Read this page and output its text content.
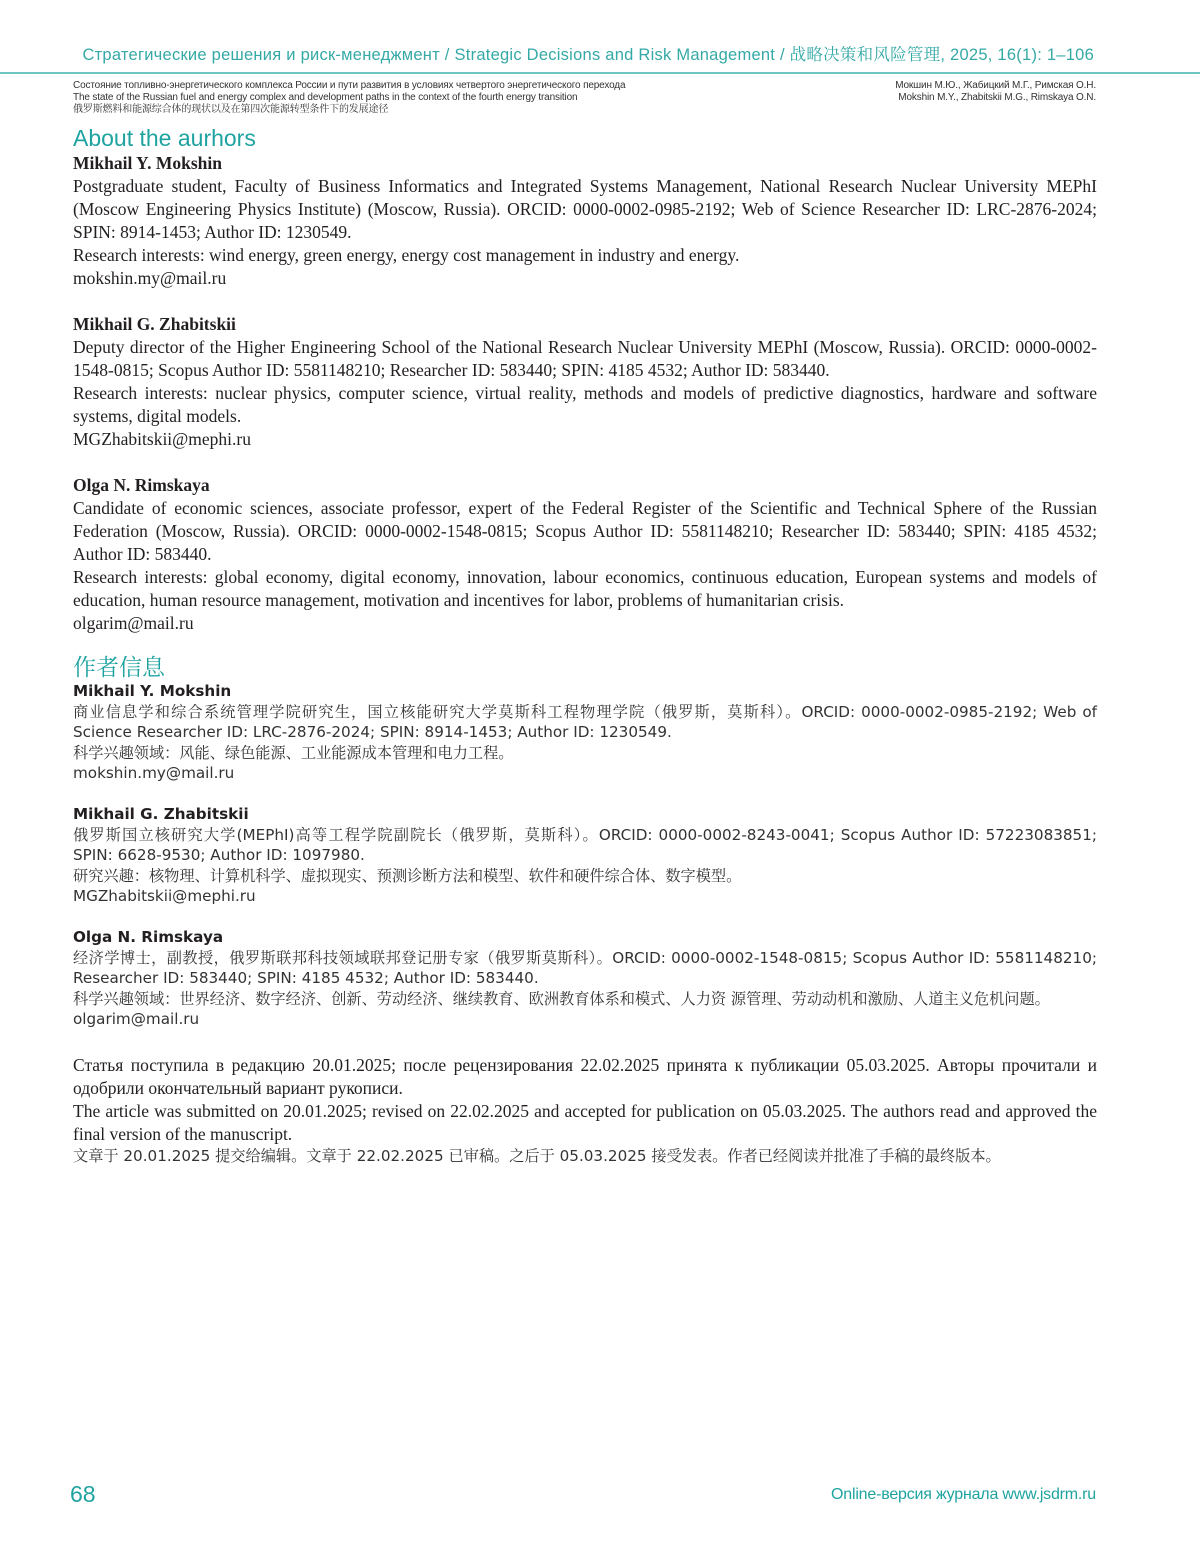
Стратегические решения и риск-менеджмент / Strategic Decisions and Risk Management / 战略决策和风险管理, 2025, 16(1): 1–106
Состояние топливно-энергетического комплекса России и пути развития в условиях четвертого энергетического перехода
The state of the Russian fuel and energy complex and development paths in the context of the fourth energy transition
俄罗斯燃料和能源综合体的现状以及在第四次能源转型条件下的发展途径
Мокшин М.Ю., Жабицкий М.Г., Римская О.Н.
Mokshin M.Y., Zhabitskii M.G., Rimskaya O.N.
About the aurhors

Mikhail Y. Mokshin

Postgraduate student, Faculty of Business Informatics and Integrated Systems Management, National Research Nuclear University MEPhI (Moscow Engineering Physics Institute) (Moscow, Russia). ORCID: 0000-0002-0985-2192; Web of Science Researcher ID: LRC-2876-2024; SPIN: 8914-1453; Author ID: 1230549.

Research interests: wind energy, green energy, energy cost management in industry and energy.

mokshin.my@mail.ru

Mikhail G. Zhabitskii

Deputy director of the Higher Engineering School of the National Research Nuclear University MEPhI (Moscow, Russia). ORCID: 0000-0002-1548-0815; Scopus Author ID: 5581148210; Researcher ID: 583440; SPIN: 4185 4532; Author ID: 583440.

Research interests: nuclear physics, computer science, virtual reality, methods and models of predictive diagnostics, hardware and software systems, digital models.

MGZhabitskii@mephi.ru

Olga N. Rimskaya

Candidate of economic sciences, associate professor, expert of the Federal Register of the Scientific and Technical Sphere of the Russian Federation (Moscow, Russia). ORCID: 0000-0002-1548-0815; Scopus Author ID: 5581148210; Researcher ID: 583440; SPIN: 4185 4532; Author ID: 583440.

Research interests: global economy, digital economy, innovation, labour economics, continuous education, European systems and models of education, human resource management, motivation and incentives for labor, problems of humanitarian crisis.

olgarim@mail.ru

作者信息

Mikhail Y. Mokshin

商业信息学和综合系统管理学院研究生，国立核能研究大学莫斯科工程物理学院（俄罗斯，莫斯科）。ORCID: 0000-0002-0985-2192; Web of Science Researcher ID: LRC-2876-2024; SPIN: 8914-1453; Author ID: 1230549.

科学兴趣领域：风能、绿色能源、工业能源成本管理和电力工程。

mokshin.my@mail.ru

Mikhail G. Zhabitskii

俄罗斯国立核研究大学(MEPhI)高等工程学院副院长（俄罗斯，莫斯科）。ORCID: 0000-0002-8243-0041; Scopus Author ID: 57223083851; SPIN: 6628-9530; Author ID: 1097980.

研究兴趣：核物理、计算机科学、虚拟现实、预测诊断方法和模型、软件和硬件综合体、数字模型。

MGZhabitskii@mephi.ru

Olga N. Rimskaya

经济学博士，副教授，俄罗斯联邦科技领域联邦登记册专家（俄罗斯莫斯科）。ORCID: 0000-0002-1548-0815; Scopus Author ID: 5581148210; Researcher ID: 583440; SPIN: 4185 4532; Author ID: 583440.

科学兴趣领域：世界经济、数字经济、创新、劳动经济、继续教育、欧洲教育体系和模式、人力资 源管理、劳动动机和激励、人道主义危机问题。

olgarim@mail.ru

Статья поступила в редакцию 20.01.2025; после рецензирования 22.02.2025 принята к публикации 05.03.2025. Авторы прочитали и одобрили окончательный вариант рукописи.

The article was submitted on 20.01.2025; revised on 22.02.2025 and accepted for publication on 05.03.2025. The authors read and approved the final version of the manuscript.

文章于 20.01.2025 提交给编辑。文章于 22.02.2025 已审稿。之后于 05.03.2025 接受发表。作者已经阅读并批准了手稿的最终版本。

68	Online-версия журнала www.jsdrm.ru
